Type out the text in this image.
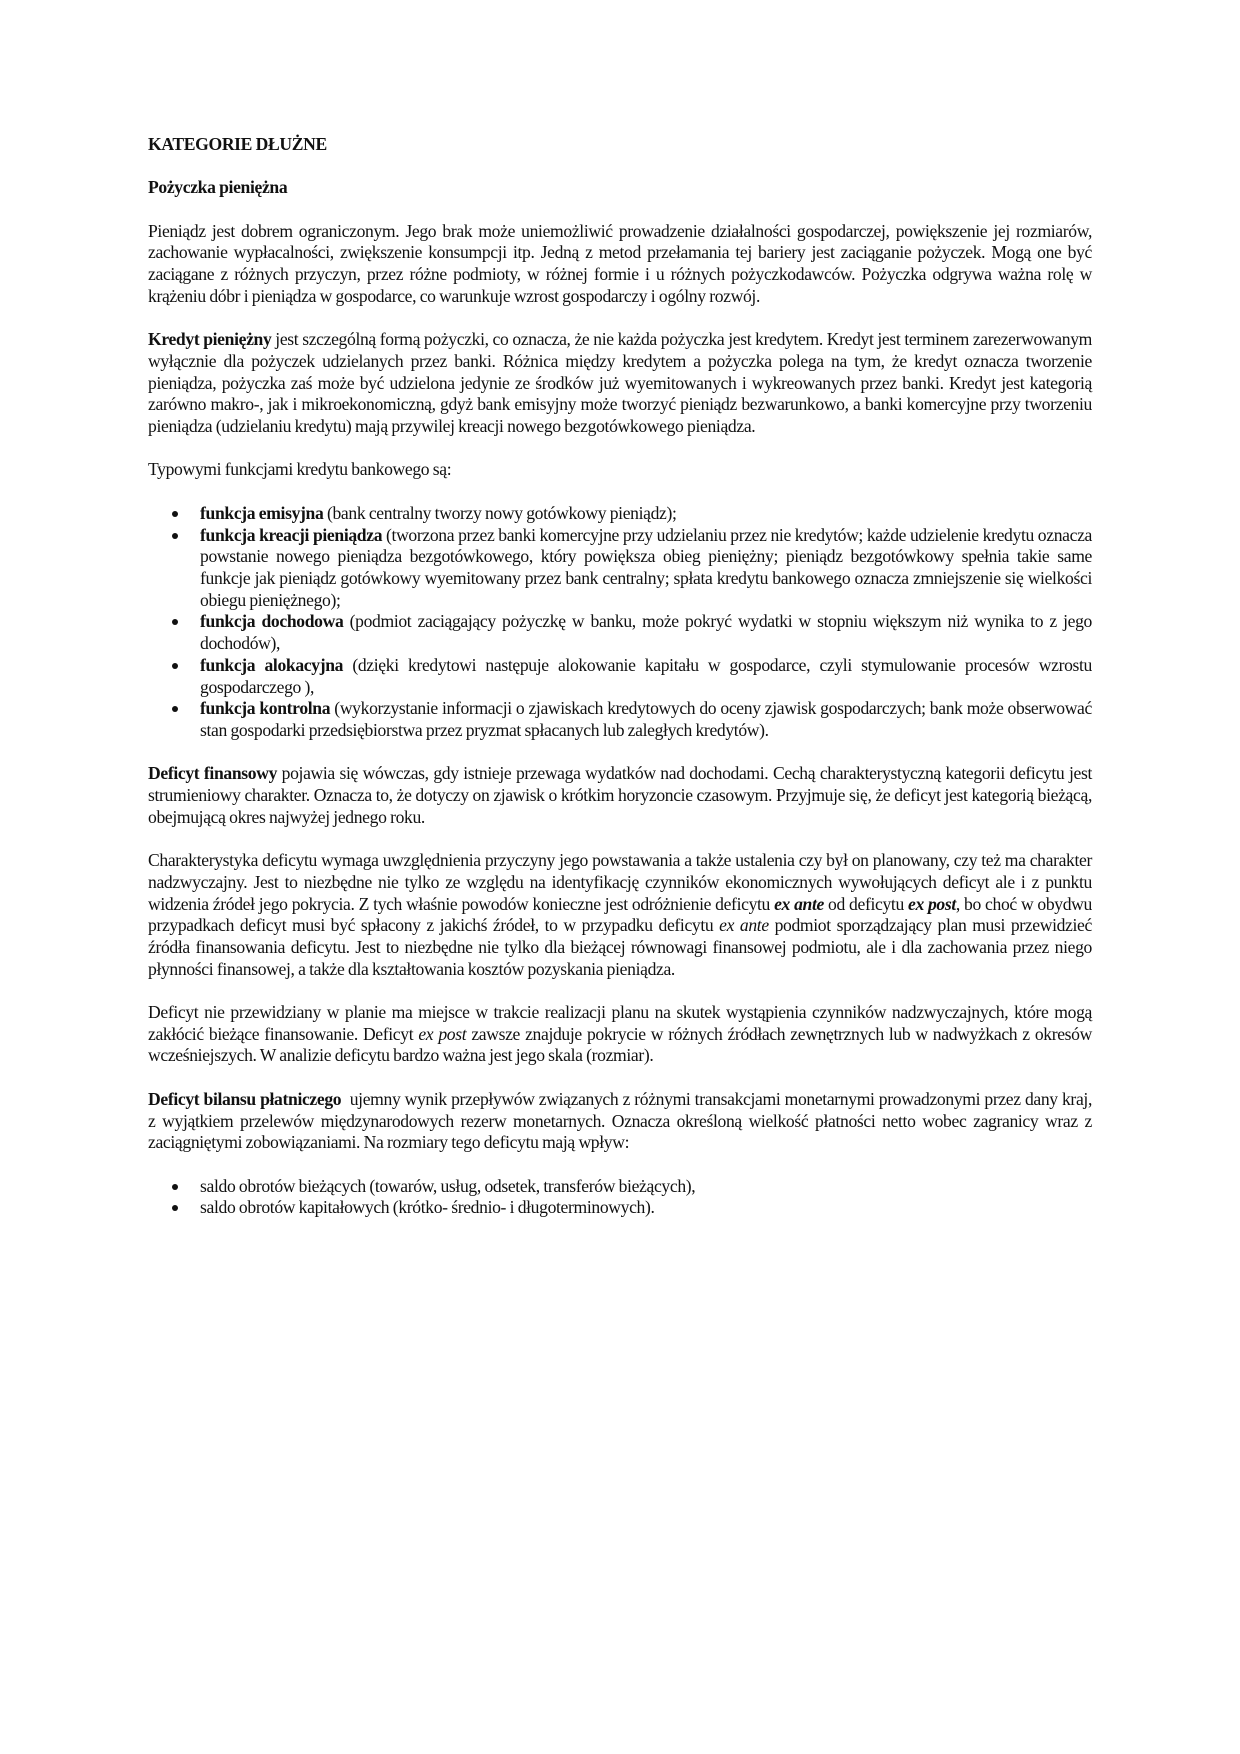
KATEGORIE DŁUŻNE
Pożyczka pieniężna

Pieniądz jest dobrem ograniczonym. Jego brak może uniemożliwić prowadzenie działalności gospodarczej, powiększenie jej rozmiarów, zachowanie wypłacalności, zwiększenie konsumpcji itp. Jedną z metod przełamania tej bariery jest zaciąganie pożyczek. Mogą one być zaciągane z różnych przyczyn, przez różne podmioty, w różnej formie i u różnych pożyczkodawców. Pożyczka odgrywa ważna rolę w krążeniu dóbr i pieniądza w gospodarce, co warunkuje wzrost gospodarczy i ogólny rozwój.

Kredyt pieniężny jest szczególną formą pożyczki, co oznacza, że nie każda pożyczka jest kredytem. Kredyt jest terminem zarezerwowanym wyłącznie dla pożyczek udzielanych przez banki. Różnica między kredytem a pożyczka polega na tym, że kredyt oznacza tworzenie pieniądza, pożyczka zaś może być udzielona jedynie ze środków już wyemitowanych i wykreowanych przez banki. Kredyt jest kategorią zarówno makro-, jak i mikroekonomiczną, gdyż bank emisyjny może tworzyć pieniądz bezwarunkowo, a banki komercyjne przy tworzeniu pieniądza (udzielaniu kredytu) mają przywilej kreacji nowego bezgotówkowego pieniądza.

Typowymi funkcjami kredytu bankowego są:

funkcja emisyjna (bank centralny tworzy nowy gotówkowy pieniądz);
funkcja kreacji pieniądza (tworzona przez banki komercyjne przy udzielaniu przez nie kredytów; każde udzielenie kredytu oznacza powstanie nowego pieniądza bezgotówkowego, który powiększa obieg pieniężny; pieniądz bezgotówkowy spełnia takie same funkcje jak pieniądz gotówkowy wyemitowany przez bank centralny; spłata kredytu bankowego oznacza zmniejszenie się wielkości obiegu pieniężnego);
funkcja dochodowa (podmiot zaciągający pożyczkę w banku, może pokryć wydatki w stopniu większym niż wynika to z jego dochodów),
funkcja alokacyjna (dzięki kredytowi następuje alokowanie kapitału w gospodarce, czyli stymulowanie procesów wzrostu gospodarczego ),
funkcja kontrolna (wykorzystanie informacji o zjawiskach kredytowych do oceny zjawisk gospodarczych; bank może obserwować stan gospodarki przedsiębiorstwa przez pryzmat spłacanych lub zaległych kredytów).

Deficyt finansowy pojawia się wówczas, gdy istnieje przewaga wydatków nad dochodami. Cechą charakterystyczną kategorii deficytu jest strumieniowy charakter. Oznacza to, że dotyczy on zjawisk o krótkim horyzoncie czasowym. Przyjmuje się, że deficyt jest kategorią bieżącą, obejmującą okres najwyżej jednego roku.

Charakterystyka deficytu wymaga uwzględnienia przyczyny jego powstawania a także ustalenia czy był on planowany, czy też ma charakter nadzwyczajny. Jest to niezbędne nie tylko ze względu na identyfikację czynników ekonomicznych wywołujących deficyt ale i z punktu widzenia źródeł jego pokrycia. Z tych właśnie powodów konieczne jest odróżnienie deficytu ex ante od deficytu ex post, bo choć w obydwu przypadkach deficyt musi być spłacony z jakichś źródeł, to w przypadku deficytu ex ante podmiot sporządzający plan musi przewidzieć źródła finansowania deficytu. Jest to niezbędne nie tylko dla bieżącej równowagi finansowej podmiotu, ale i dla zachowania przez niego płynności finansowej, a także dla kształtowania kosztów pozyskania pieniądza.

Deficyt nie przewidziany w planie ma miejsce w trakcie realizacji planu na skutek wystąpienia czynników nadzwyczajnych, które mogą zakłócić bieżące finansowanie. Deficyt ex post zawsze znajduje pokrycie w różnych źródłach zewnętrznych lub w nadwyżkach z okresów wcześniejszych. W analizie deficytu bardzo ważna jest jego skala (rozmiar).

Deficyt bilansu płatniczego  ujemny wynik przepływów związanych z różnymi transakcjami monetarnymi prowadzonymi przez dany kraj, z wyjątkiem przelewów międzynarodowych rezerw monetarnych. Oznacza określoną wielkość płatności netto wobec zagranicy wraz z zaciągniętymi zobowiązaniami. Na rozmiary tego deficytu mają wpływ:

saldo obrotów bieżących (towarów, usług, odsetek, transferów bieżących),
saldo obrotów kapitałowych (krótko- średnio- i długoterminowych).
